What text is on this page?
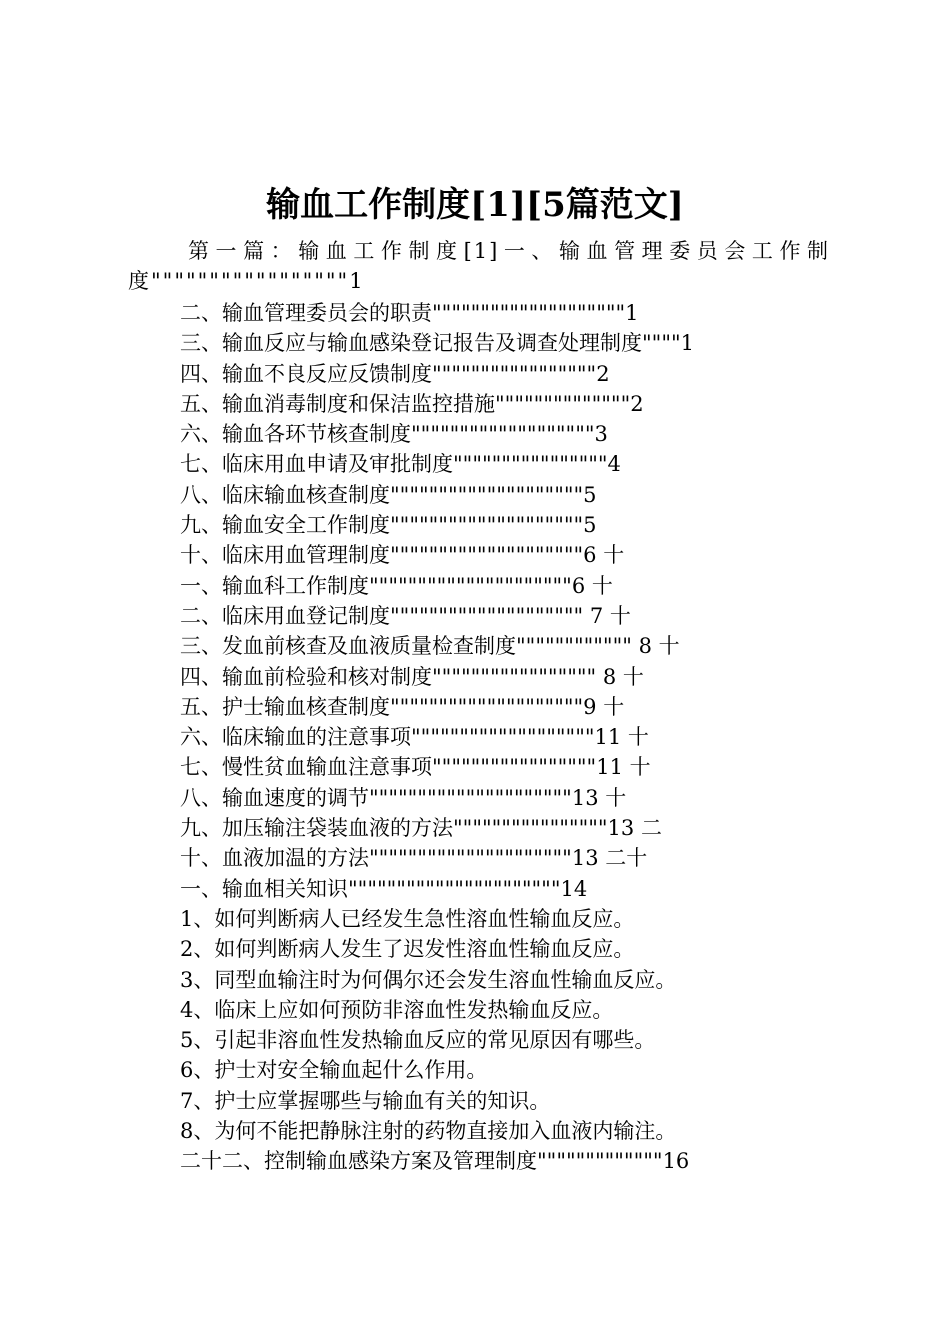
输血工作制度[1][5篇范文]

第一篇：输血工作制度[1]一、输血管理委员会工作制度"""""""""""""""""1

二、输血管理委员会的职责""""""""""""""""""""1
三、输血反应与输血感染登记报告及调查处理制度""""1
四、输血不良反应反馈制度"""""""""""""""""2
五、输血消毒制度和保洁监控措施""""""""""""""2
六、输血各环节核查制度"""""""""""""""""""3
七、临床用血申请及审批制度""""""""""""""""4
八、临床输血核查制度""""""""""""""""""""5
九、输血安全工作制度""""""""""""""""""""5
十、临床用血管理制度""""""""""""""""""""6 十
一、输血科工作制度"""""""""""""""""""""6 十
二、临床用血登记制度"""""""""""""""""""" 7 十
三、发血前核查及血液质量检查制度"""""""""""" 8 十
四、输血前检验和核对制度""""""""""""""""" 8 十
五、护士输血核查制度""""""""""""""""""""9 十
六、临床输血的注意事项"""""""""""""""""""11 十
七、慢性贫血输血注意事项"""""""""""""""""11 十
八、输血速度的调节"""""""""""""""""""""13 十
九、加压输注袋装血液的方法""""""""""""""""13 二
十、血液加温的方法"""""""""""""""""""""13 二十
一、输血相关知识""""""""""""""""""""""14
1、如何判断病人已经发生急性溶血性输血反应。
2、如何判断病人发生了迟发性溶血性输血反应。
3、同型血输注时为何偶尔还会发生溶血性输血反应。
4、临床上应如何预防非溶血性发热输血反应。
5、引起非溶血性发热输血反应的常见原因有哪些。
6、护士对安全输血起什么作用。
7、护士应掌握哪些与输血有关的知识。
8、为何不能把静脉注射的药物直接加入血液内输注。
二十二、控制输血感染方案及管理制度"""""""""""""16
